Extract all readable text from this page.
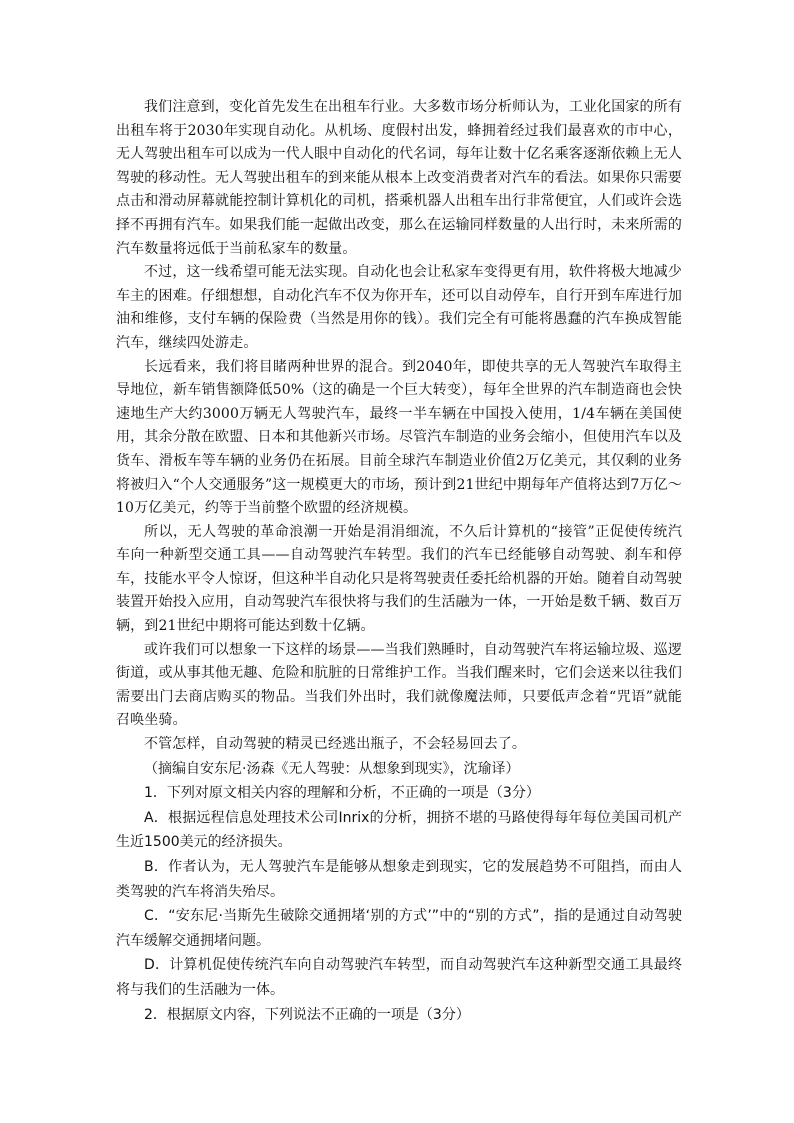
我们注意到，变化首先发生在出租车行业。大多数市场分析师认为，工业化国家的所有出租车将于2030年实现自动化。从机场、度假村出发，蜂拥着经过我们最喜欢的市中心，无人驾驶出租车可以成为一代人眼中自动化的代名词，每年让数十亿名乘客逐渐依赖上无人驾驶的移动性。无人驾驶出租车的到来能从根本上改变消费者对汽车的看法。如果你只需要点击和滑动屏幕就能控制计算机化的司机，搭乘机器人出租车出行非常便宜，人们或许会选择不再拥有汽车。如果我们能一起做出改变，那么在运输同样数量的人出行时，未来所需的汽车数量将远低于当前私家车的数量。

不过，这一线希望可能无法实现。自动化也会让私家车变得更有用，软件将极大地减少车主的困难。仔细想想，自动化汽车不仅为你开车，还可以自动停车，自行开到车库进行加油和维修，支付车辆的保险费（当然是用你的钱）。我们完全有可能将愚蠢的汽车换成智能汽车，继续四处游走。

长远看来，我们将目睹两种世界的混合。到2040年，即使共享的无人驾驶汽车取得主导地位，新车销售额降低50%（这的确是一个巨大转变），每年全世界的汽车制造商也会快速地生产大约3000万辆无人驾驶汽车，最终一半车辆在中国投入使用，1/4车辆在美国使用，其余分散在欧盟、日本和其他新兴市场。尽管汽车制造的业务会缩小，但使用汽车以及货车、滑板车等车辆的业务仍在拓展。目前全球汽车制造业价值2万亿美元，其仅剩的业务将被归入“个人交通服务”这一规模更大的市场，预计到21世纪中期每年产值将达到7万亿～10万亿美元，约等于当前整个欧盟的经济规模。

所以，无人驾驶的革命浪潮一开始是涓涓细流，不久后计算机的“接管”正促使传统汽车向一种新型交通工具——自动驾驶汽车转型。我们的汽车已经能够自动驾驶、刹车和停车，技能水平令人惊讶，但这种半自动化只是将驾驶责任委托给机器的开始。随着自动驾驶装置开始投入应用，自动驾驶汽车很快将与我们的生活融为一体，一开始是数千辆、数百万辆，到21世纪中期将可能达到数十亿辆。

或许我们可以想象一下这样的场景——当我们熟睡时，自动驾驶汽车将运输垃圾、巡逻街道，或从事其他无趣、危险和肮脏的日常维护工作。当我们醒来时，它们会送来以往我们需要出门去商店购买的物品。当我们外出时，我们就像魔法师，只要低声念着“咒语”就能召唤坐骑。

不管怎样，自动驾驶的精灵已经逃出瓶子，不会轻易回去了。

（摘编自安东尼·汤森《无人驾驶：从想象到现实》，沈瑜译）

1．下列对原文相关内容的理解和分析，不正确的一项是（3分）

A．根据远程信息处理技术公司Inrix的分析，拥挤不堪的马路使得每年每位美国司机产生近1500美元的经济损失。

B．作者认为，无人驾驶汽车是能够从想象走到现实，它的发展趋势不可阻挡，而由人类驾驶的汽车将消失殆尽。

C．“安东尼·当斯先生破除交通拥堵‘别的方式’”中的“别的方式”，指的是通过自动驾驶汽车缓解交通拥堵问题。

D．计算机促使传统汽车向自动驾驶汽车转型，而自动驾驶汽车这种新型交通工具最终将与我们的生活融为一体。

2．根据原文内容，下列说法不正确的一项是（3分）
